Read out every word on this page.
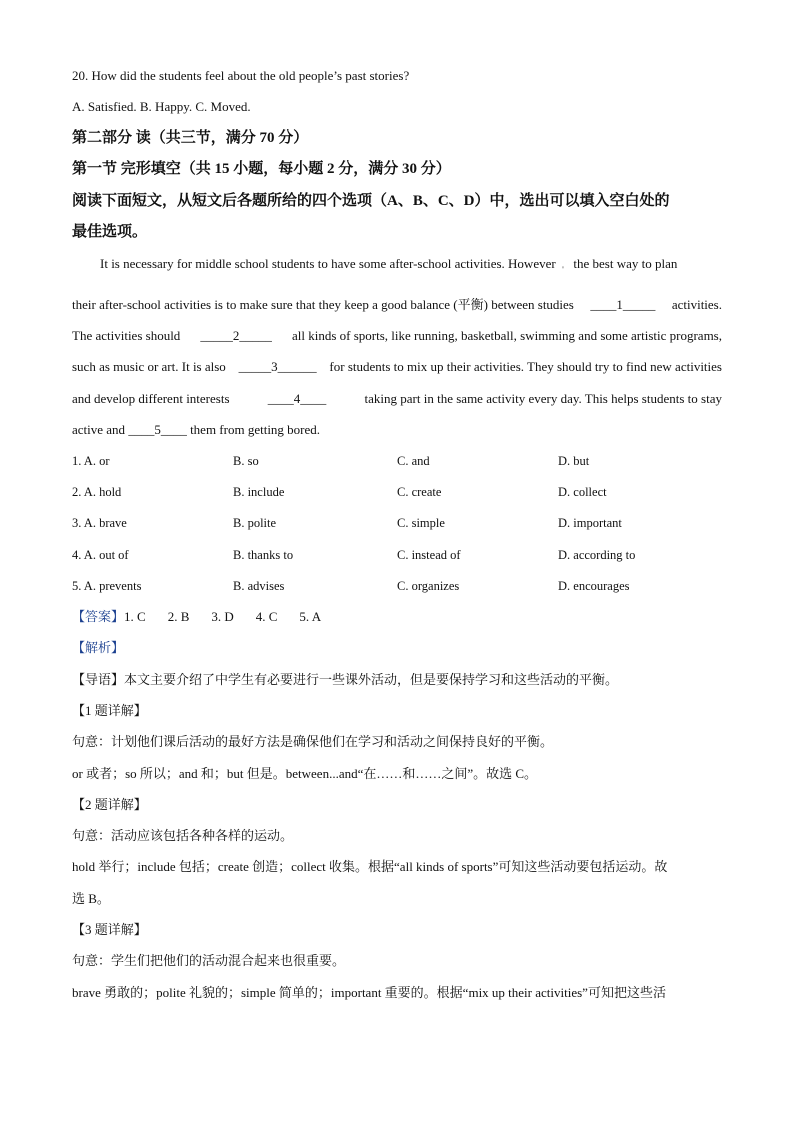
20. How did the students feel about the old people’s past stories?
A. Satisfied. B. Happy. C. Moved.
第二部分 读（共三节，满分 70 分）
第一节 完形填空（共 15 小题，每小题 2 分，满分 30 分）
阅读下面短文，从短文后各题所给的四个选项（A、B、C、D）中，选出可以填入空白处的
最佳选项。
It is necessary for middle school students to have some after-school activities. However $'$ the best way to plan
their after-school activities is to make sure that they keep a good balance (平衡) between studies ____1_____ activities.
The activities should _____2_____ all kinds of sports, like running, basketball, swimming and some artistic programs,
such as music or art. It is also _____3______ for students to mix up their activities. They should try to find new activities
and develop different interests	____4____	taking part in the same activity every day. This helps students to stay
active and ____5____ them from getting bored.
1. A. or	B. so	C. and	D. but
2. A. hold	B. include	C. create	D. collect
3. A. brave	B. polite	C. simple	D. important
4. A. out of	B. thanks to	C. instead of	D. according to
5. A. prevents	B. advises	C. organizes	D. encourages
【答案】1. C 2. B 3. D 4. C 5. A
【解析】
【导语】本文主要介绍了中学生有必要进行一些课外活动，但是要保持学习和这些活动的平衡。
【1 题详解】
句意：计划他们课后活动的最好方法是确保他们在学习和活动之间保持良好的平衡。
or 或者；so 所以；and 和；but 但是。between...and“在……和……之间”。故选 C。
【2 题详解】
句意：活动应该包括各种各样的运动。
hold 举行；include 包括；create 创造；collect 收集。根据“all kinds of sports”可知这些活动要包括运动。故
选 B。
【3 题详解】
句意：学生们把他们的活动混合起来也很重要。
brave 勇敢的；polite 礼貌的；simple 简单的；important 重要的。根据“mix up their activities”可知把这些活
